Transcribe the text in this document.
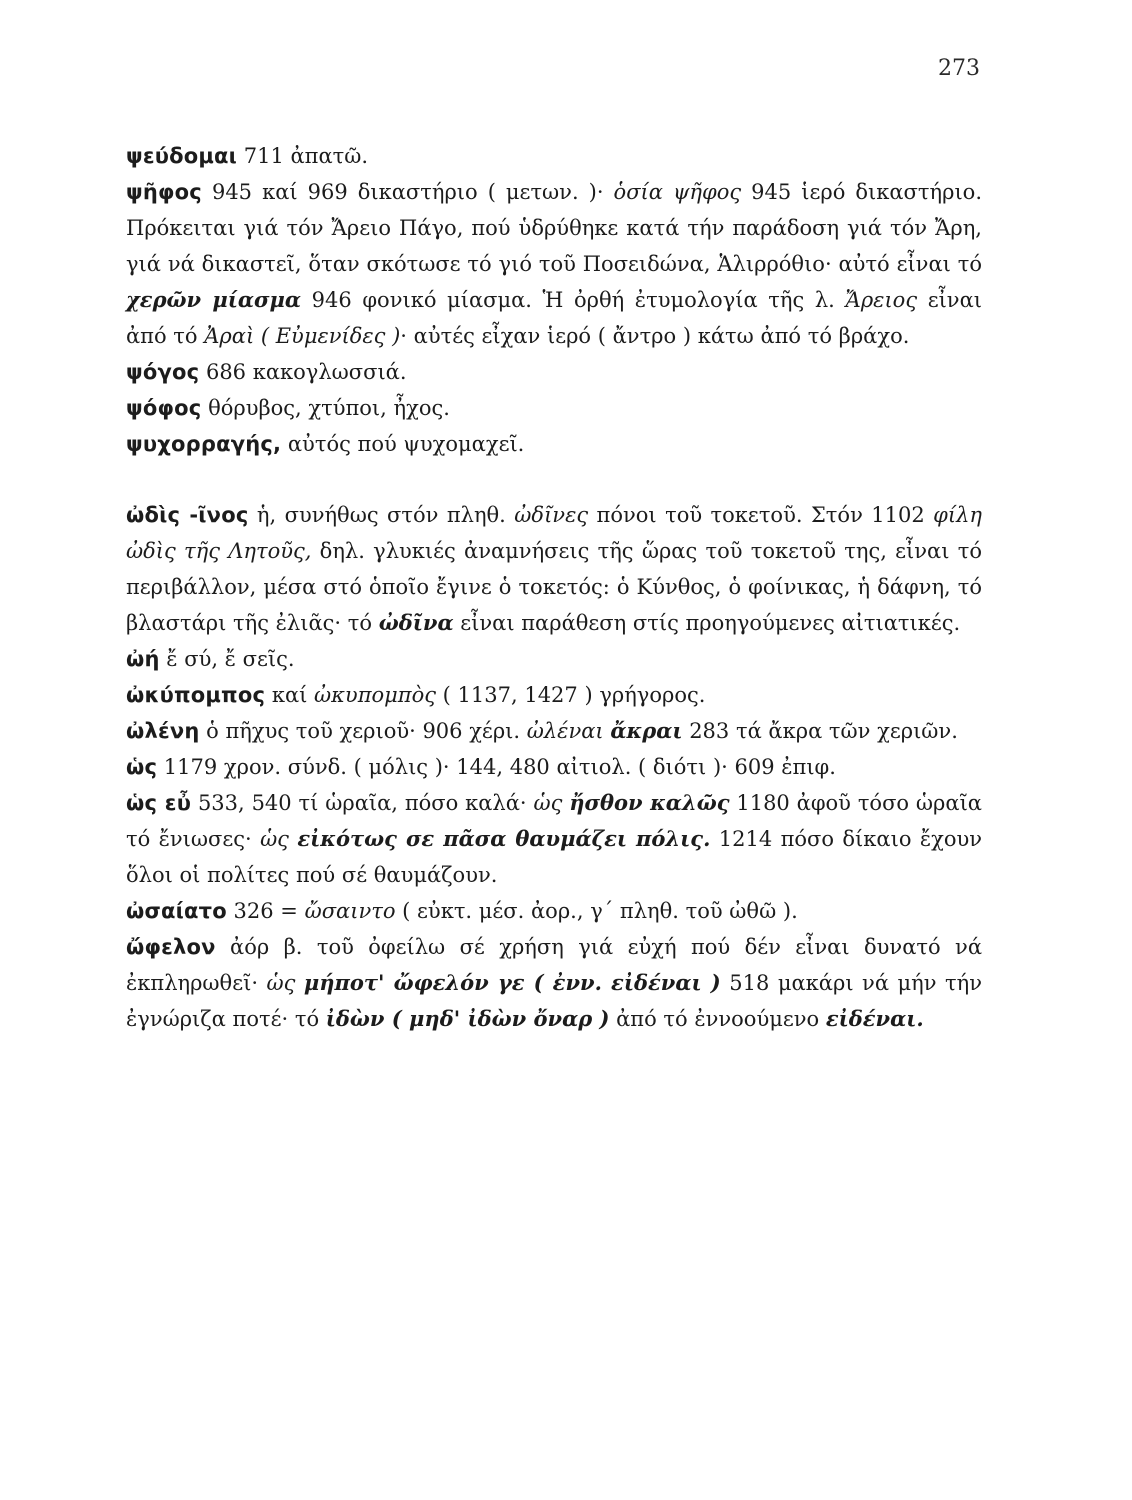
273
ψεύδομαι 711 ἀπατῶ.
ψῆφος 945 καί 969 δικαστήριο ( μετων. )· ὁσία ψῆφος 945 ἱερό δικαστήριο. Πρόκειται γιά τόν Ἄρειο Πάγο, πού ὑδρύθηκε κατά τήν παράδοση γιά τόν Ἄρη, γιά νά δικαστεῖ, ὅταν σκότωσε τό γιό τοῦ Ποσειδώνα, Ἁλιρρόθιο· αὐτό εἶναι τό χερῶν μίασμα 946 φονικό μίασμα. Ἡ ὀρθή ἐτυμολογία τῆς λ. Ἄρειος εἶναι ἀπό τό Ἀραὶ ( Εὐμενίδες )· αὐτές εἶχαν ἱερό ( ἄντρο ) κάτω ἀπό τό βράχο.
ψόγος 686 κακογλωσσιά.
ψόφος θόρυβος, χτύποι, ἦχος.
ψυχορραγής, αὐτός πού ψυχομαχεῖ.
ὠδὶς -ῖνος ἡ, συνήθως στόν πληθ. ὠδῖνες πόνοι τοῦ τοκετοῦ. Στόν 1102 φίλη ὠδὶς τῆς Λητοῦς, δηλ. γλυκιές ἀναμνήσεις τῆς ὥρας τοῦ τοκετοῦ της, εἶναι τό περιβάλλον, μέσα στό ὁποῖο ἔγινε ὁ τοκετός: ὁ Κύνθος, ὁ φοίνικας, ἡ δάφνη, τό βλαστάρι τῆς ἐλιᾶς· τό ὠδῖνα εἶναι παράθεση στίς προηγούμενες αἰτιατικές.
ὠή ἔ σύ, ἔ σεῖς.
ὠκύπομπος καί ὠκυπομπὸς ( 1137, 1427 ) γρήγορος.
ὠλένη ὁ πῆχυς τοῦ χεριοῦ· 906 χέρι. ὠλέναι ἄκραι 283 τά ἄκρα τῶν χεριῶν.
ὡς 1179 χρον. σύνδ. ( μόλις )· 144, 480 αἰτιολ. ( διότι )· 609 ἐπιφ.
ὡς εὖ 533, 540 τί ὡραῖα, πόσο καλά· ὡς ἤσθον καλῶς 1180 ἀφοῦ τόσο ὡραῖα τό ἔνιωσες· ὡς εἰκότως σε πᾶσα θαυμάζει πόλις. 1214 πόσο δίκαιο ἔχουν ὅλοι οἱ πολίτες πού σέ θαυμάζουν.
ὠσαίατο 326 = ὤσαιντο ( εὐκτ. μέσ. ἀορ., γ΄ πληθ. τοῦ ὠθῶ ).
ὤφελον ἀόρ β. τοῦ ὀφείλω σέ χρήση γιά εὐχή πού δέν εἶναι δυνατό νά ἐκπληρωθεῖ· ὡς μήποτ' ὤφελόν γε ( ἐνν. εἰδέναι ) 518 μακάρι νά μήν τήν ἐγνώριζα ποτέ· τό ἰδὼν ( μηδ' ἰδὼν ὄναρ ) ἀπό τό ἐννοούμενο εἰδέναι.
